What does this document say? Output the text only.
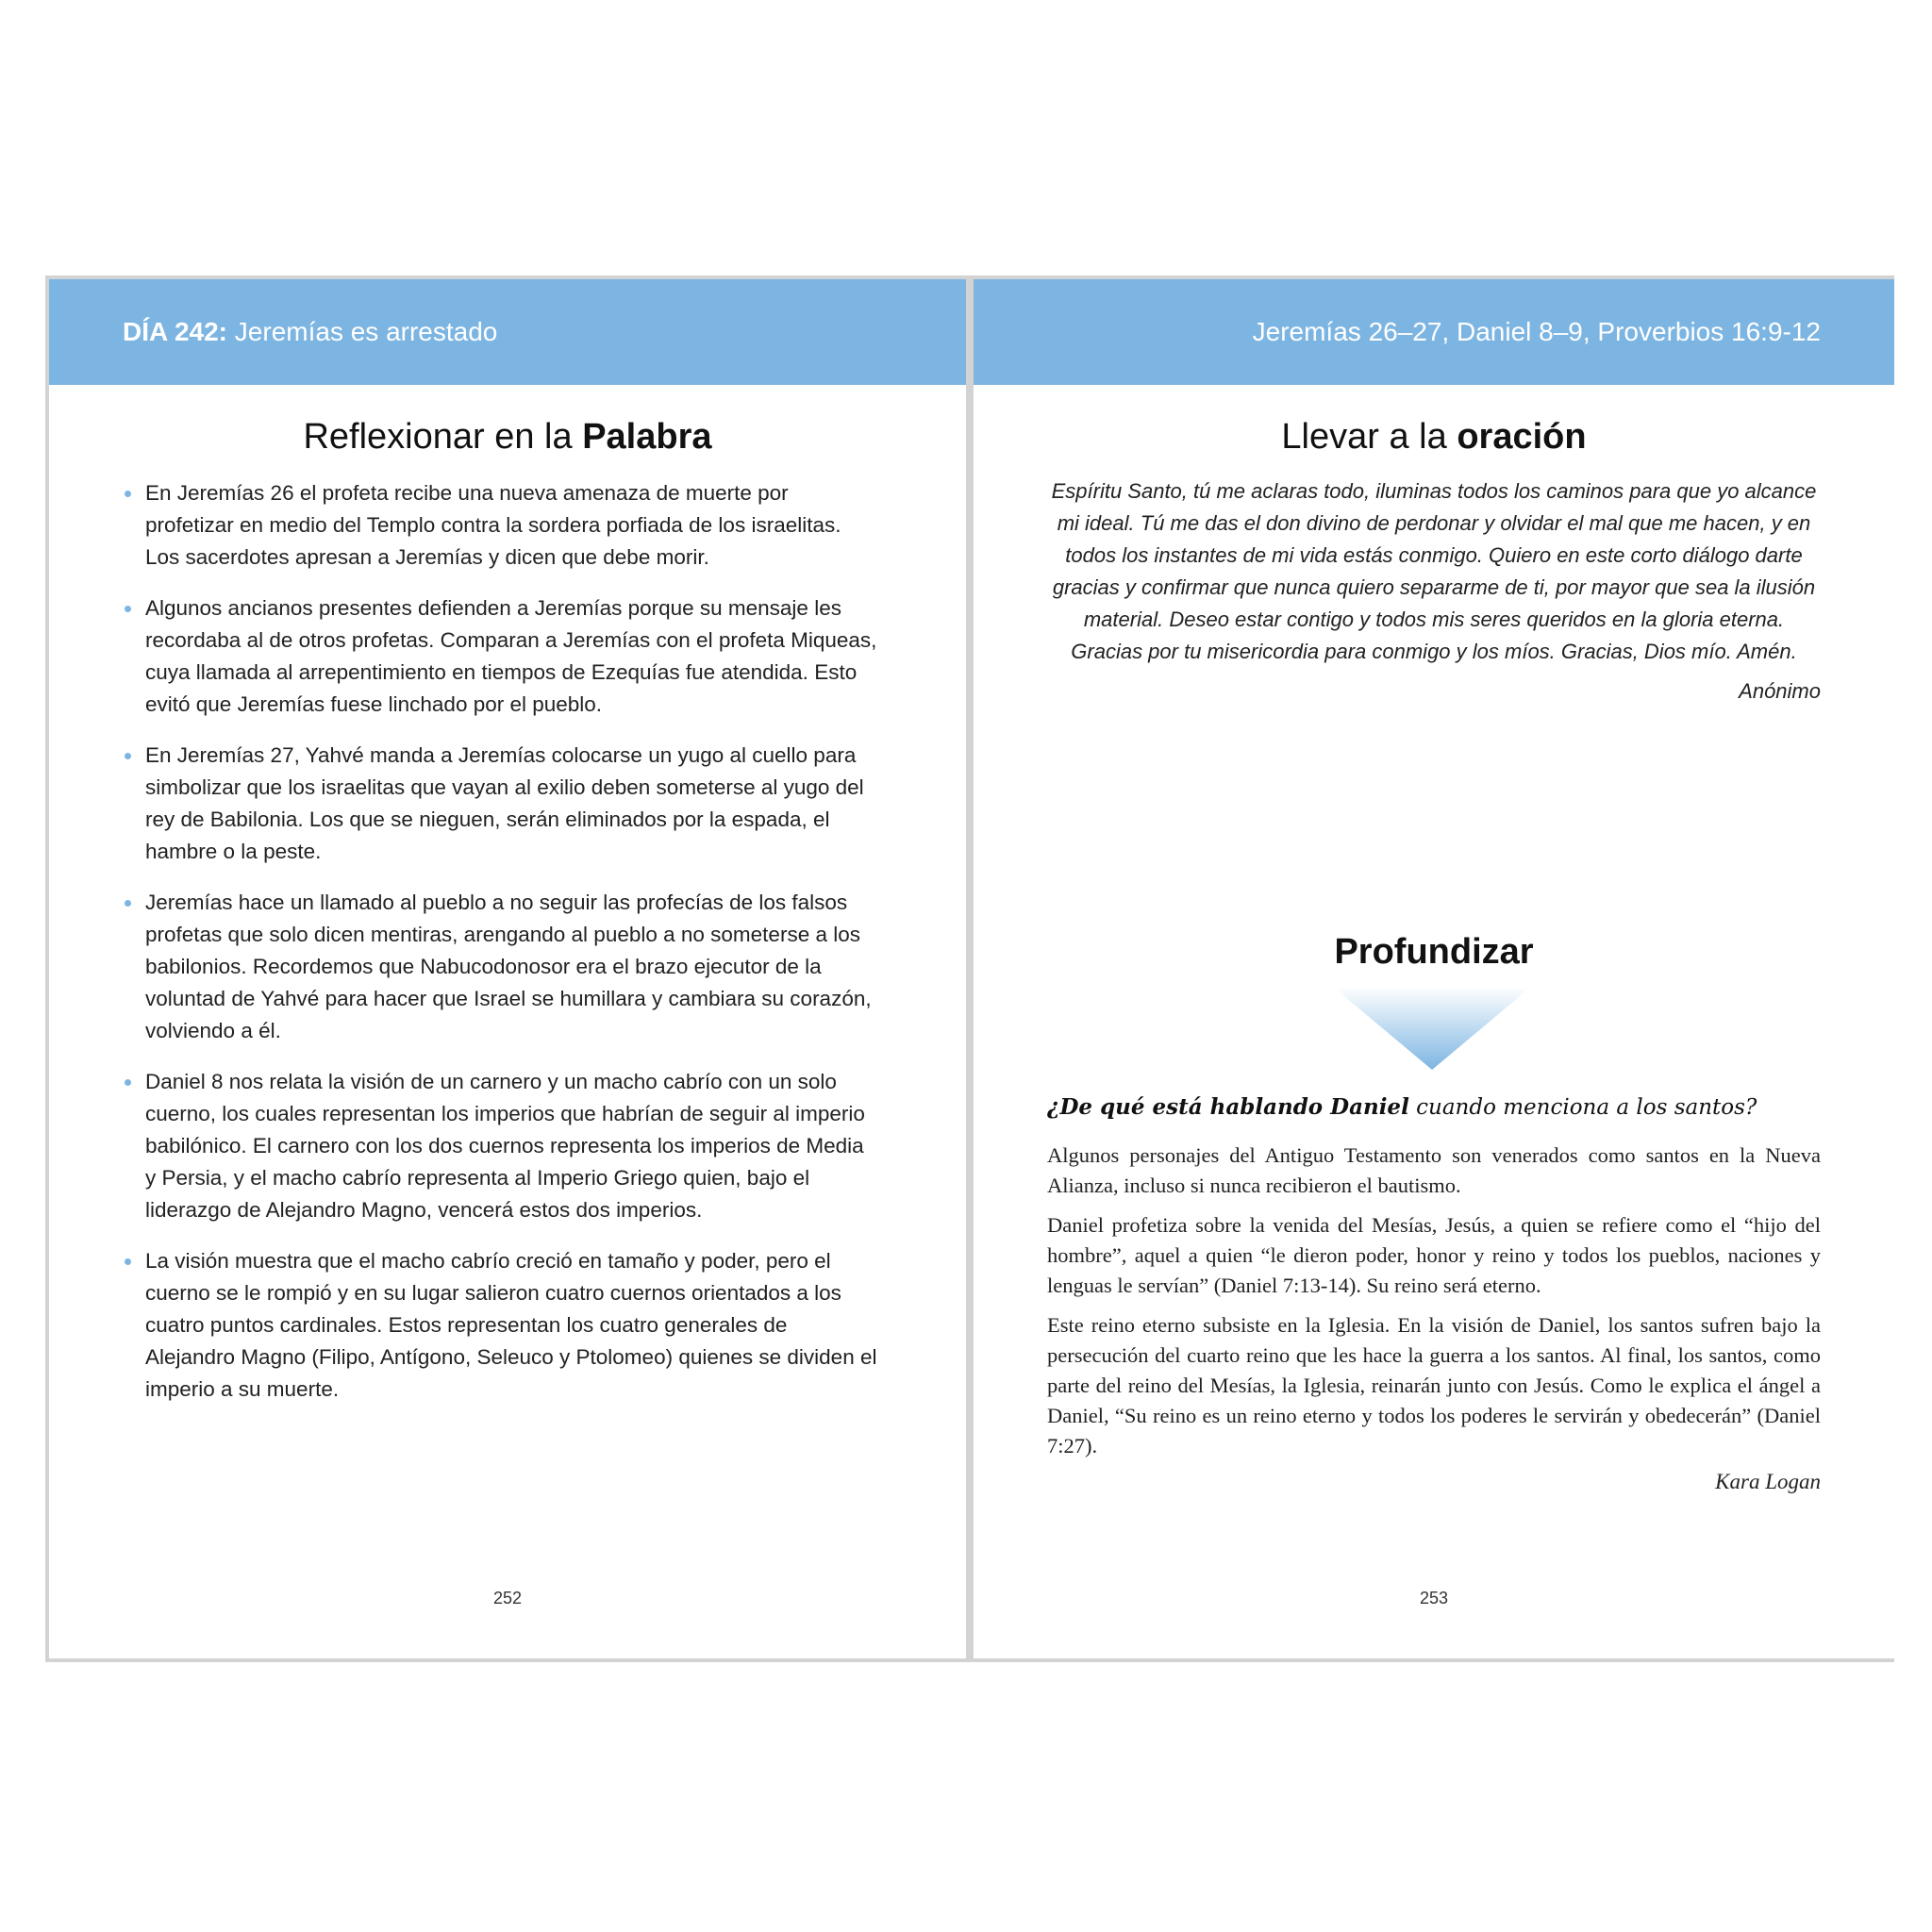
DÍA 242: Jeremías es arrestado
Reflexionar en la Palabra
En Jeremías 26 el profeta recibe una nueva amenaza de muerte por profetizar en medio del Templo contra la sordera porfiada de los israelitas. Los sacerdotes apresan a Jeremías y dicen que debe morir.
Algunos ancianos presentes defienden a Jeremías porque su mensaje les recordaba al de otros profetas. Comparan a Jeremías con el profeta Miqueas, cuya llamada al arrepentimiento en tiempos de Ezequías fue atendida. Esto evitó que Jeremías fuese linchado por el pueblo.
En Jeremías 27, Yahvé manda a Jeremías colocarse un yugo al cuello para simbolizar que los israelitas que vayan al exilio deben someterse al yugo del rey de Babilonia. Los que se nieguen, serán eliminados por la espada, el hambre o la peste.
Jeremías hace un llamado al pueblo a no seguir las profecías de los falsos profetas que solo dicen mentiras, arengando al pueblo a no someterse a los babilonios. Recordemos que Nabucodonosor era el brazo ejecutor de la voluntad de Yahvé para hacer que Israel se humillara y cambiara su corazón, volviendo a él.
Daniel 8 nos relata la visión de un carnero y un macho cabrío con un solo cuerno, los cuales representan los imperios que habrían de seguir al imperio babilónico. El carnero con los dos cuernos representa los imperios de Media y Persia, y el macho cabrío representa al Imperio Griego quien, bajo el liderazgo de Alejandro Magno, vencerá estos dos imperios.
La visión muestra que el macho cabrío creció en tamaño y poder, pero el cuerno se le rompió y en su lugar salieron cuatro cuernos orientados a los cuatro puntos cardinales. Estos representan los cuatro generales de Alejandro Magno (Filipo, Antígono, Seleuco y Ptolomeo) quienes se dividen el imperio a su muerte.
252
Jeremías 26–27, Daniel 8–9, Proverbios 16:9-12
Llevar a la oración
Espíritu Santo, tú me aclaras todo, iluminas todos los caminos para que yo alcance mi ideal. Tú me das el don divino de perdonar y olvidar el mal que me hacen, y en todos los instantes de mi vida estás conmigo. Quiero en este corto diálogo darte gracias y confirmar que nunca quiero separarme de ti, por mayor que sea la ilusión material. Deseo estar contigo y todos mis seres queridos en la gloria eterna. Gracias por tu misericordia para conmigo y los míos. Gracias, Dios mío. Amén.
Anónimo
Profundizar
¿De qué está hablando Daniel cuando menciona a los santos?

Algunos personajes del Antiguo Testamento son venerados como santos en la Nueva Alianza, incluso si nunca recibieron el bautismo.

Daniel profetiza sobre la venida del Mesías, Jesús, a quien se refiere como el “hijo del hombre”, aquel a quien “le dieron poder, honor y reino y todos los pueblos, naciones y lenguas le servían” (Daniel 7:13-14). Su reino será eterno.

Este reino eterno subsiste en la Iglesia. En la visión de Daniel, los santos sufren bajo la persecución del cuarto reino que les hace la guerra a los santos. Al final, los santos, como parte del reino del Mesías, la Iglesia, reinarán junto con Jesús. Como le explica el ángel a Daniel, “Su reino es un reino eterno y todos los poderes le servirán y obedecerán” (Daniel 7:27).

Kara Logan
253
